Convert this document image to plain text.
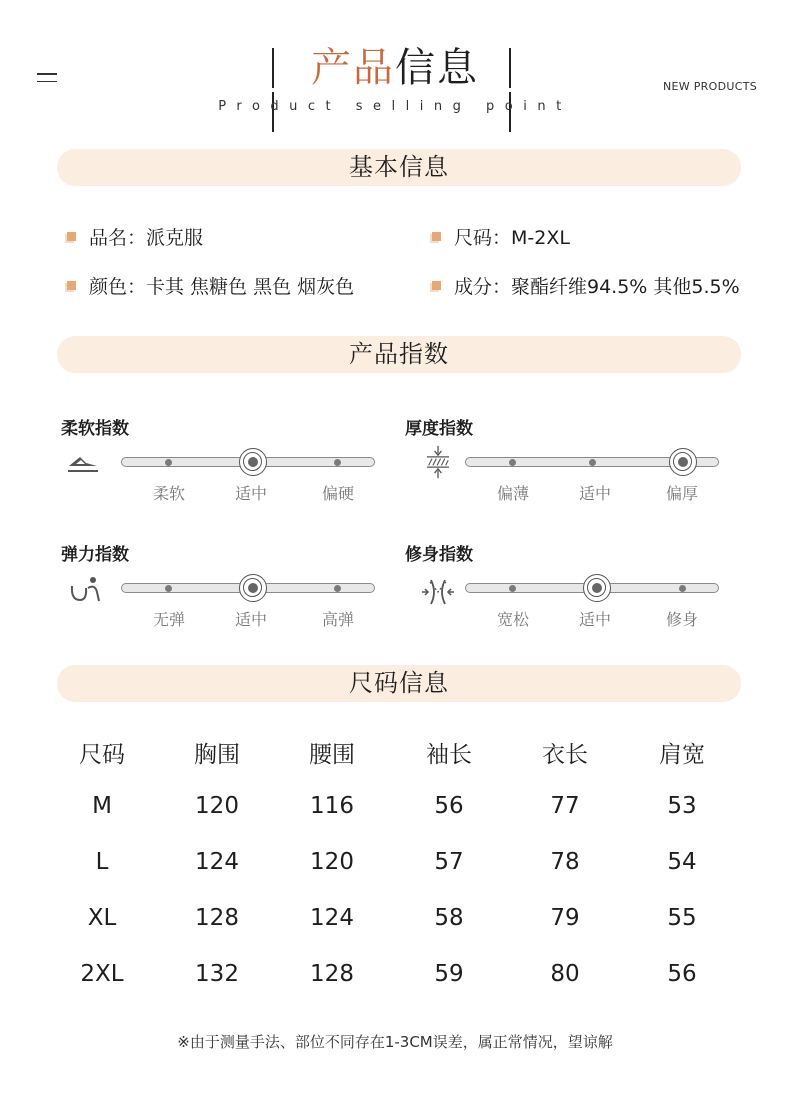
产品信息
Product selling point
NEW PRODUCTS
基本信息
品名：派克服	尺码：M-2XL
颜色：卡其 焦糖色 黑色 烟灰色	成分：聚酯纤维94.5% 其他5.5%
产品指数
柔软指数
柔软	适中	偏硬
厚度指数
偏薄	适中	偏厚
弹力指数
无弹	适中	高弹
修身指数
宽松	适中	修身
尺码信息
尺码	胸围	腰围	袖长	衣长	肩宽
M	120	116	56	77	53
L	124	120	57	78	54
XL	128	124	58	79	55
2XL	132	128	59	80	56
※由于测量手法、部位不同存在1-3CM误差，属正常情况，望谅解
